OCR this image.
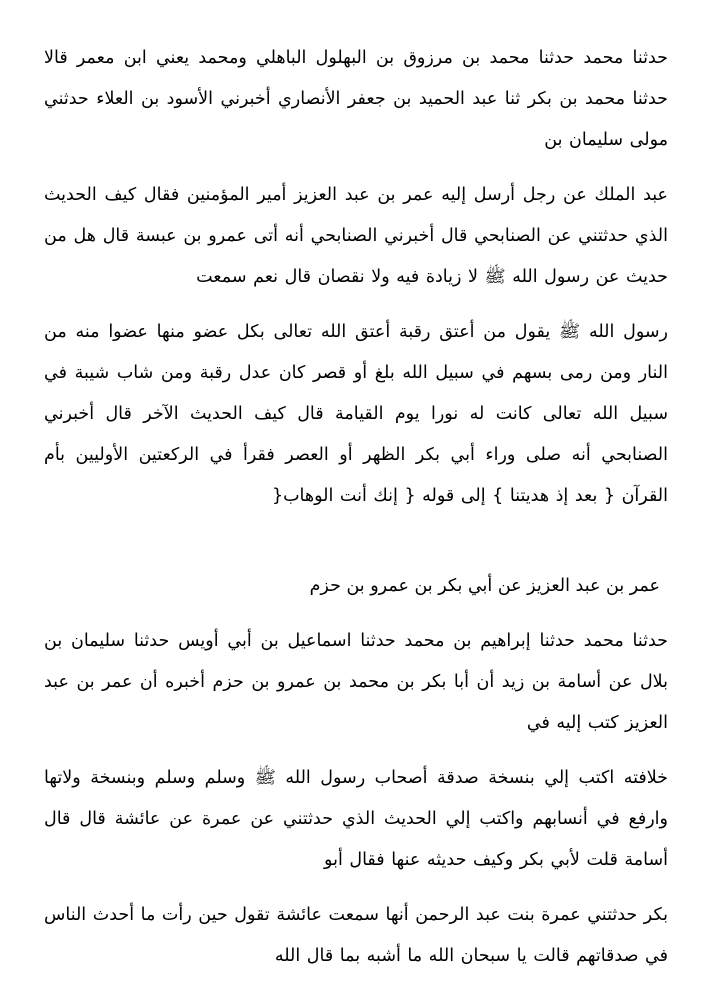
حدثنا محمد حدثنا محمد بن مرزوق بن البهلول الباهلي ومحمد يعني ابن معمر قالا حدثنا محمد بن بكر ثنا عبد الحميد بن جعفر الأنصاري أخبرني الأسود بن العلاء حدثني مولى سليمان بن

عبد الملك عن رجل أرسل إليه عمر بن عبد العزيز أمير المؤمنين فقال كيف الحديث الذي حدثتني عن الصنابحي قال أخبرني الصنابحي أنه أتى عمرو بن عبسة قال هل من حديث عن رسول الله ﷺ لا زيادة فيه ولا نقصان قال نعم سمعت

رسول الله ﷺ يقول من أعتق رقبة أعتق الله تعالى بكل عضو منها عضوا منه من النار ومن رمى بسهم في سبيل الله بلغ أو قصر كان عدل رقبة ومن شاب شيبة في سبيل الله تعالى كانت له نورا يوم القيامة قال كيف الحديث الآخر قال أخبرني الصنابحي أنه صلى وراء أبي بكر الظهر أو العصر فقرأ في الركعتين الأوليين بأم القرآن { بعد إذ هديتنا } إلى قوله { إنك أنت الوهاب{

عمر بن عبد العزيز عن أبي بكر بن عمرو بن حزم

حدثنا محمد حدثنا إبراهيم بن محمد حدثنا اسماعيل بن أبي أويس حدثنا سليمان بن بلال عن أسامة بن زيد أن أبا بكر بن محمد بن عمرو بن حزم أخبره أن عمر بن عبد العزيز كتب إليه في

خلافته اكتب إلي بنسخة صدقة أصحاب رسول الله ﷺ وسلم وسلم وبنسخة ولاتها وارفع في أنسابهم واكتب إلي الحديث الذي حدثتني عن عمرة عن عائشة قال قال أسامة قلت لأبي بكر وكيف حديثه عنها فقال أبو

بكر حدثتني عمرة بنت عبد الرحمن أنها سمعت عائشة تقول حين رأت ما أحدث الناس في صدقاتهم قالت يا سبحان الله ما أشبه بما قال الله
